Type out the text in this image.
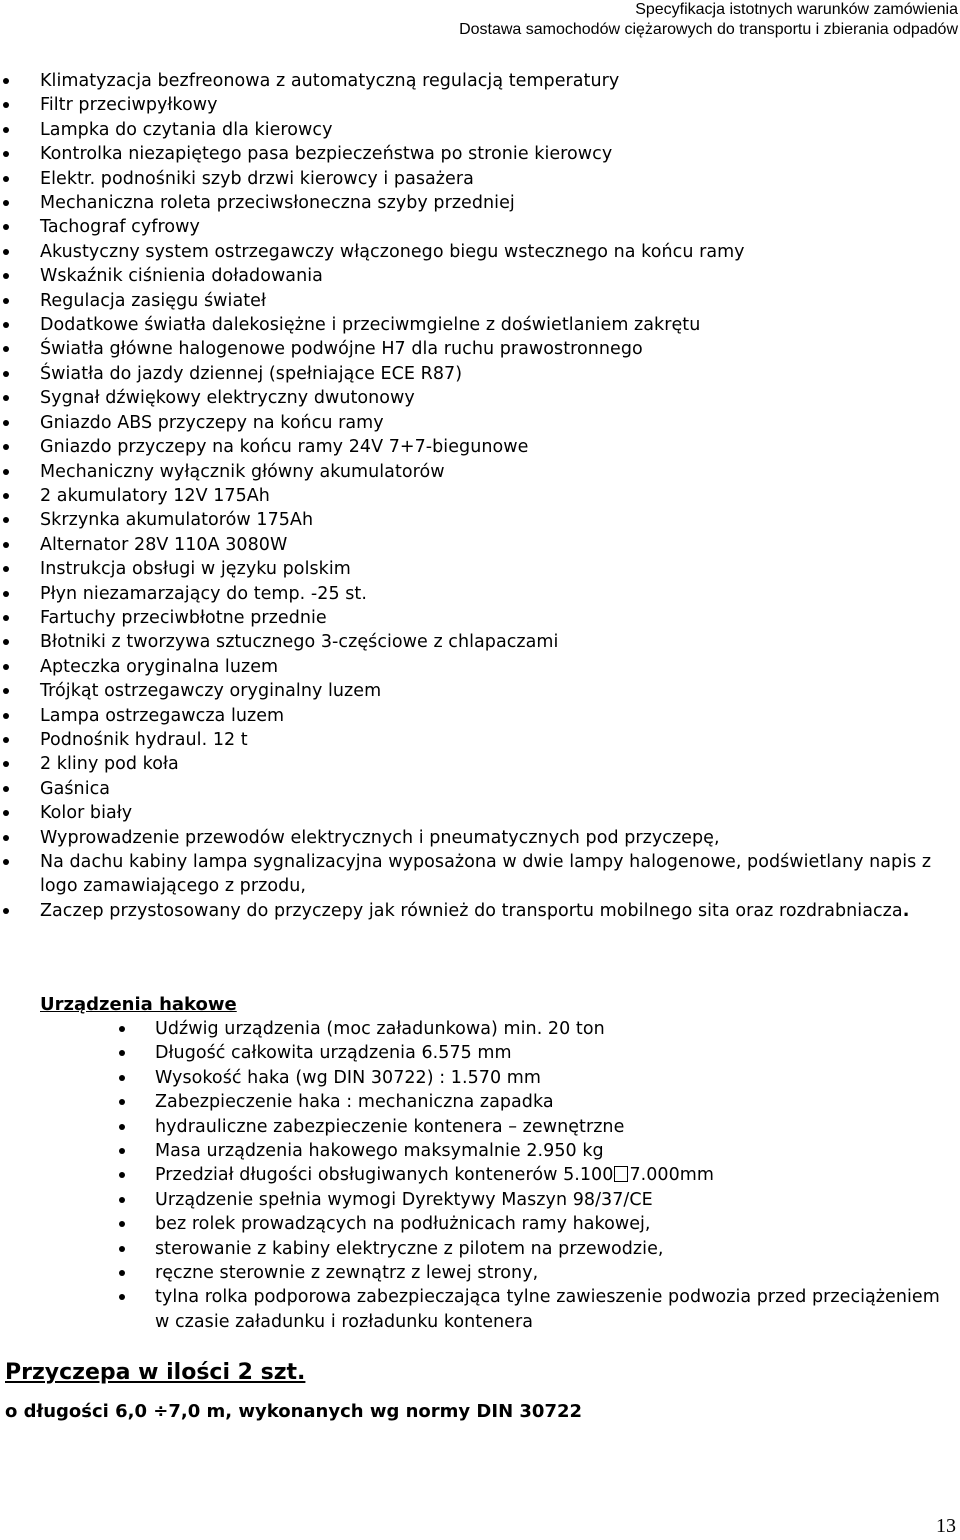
Specyfikacja istotnych warunków zamówienia
Dostawa samochodów ciężarowych do transportu i zbierania odpadów
Klimatyzacja bezfreonowa z automatyczną regulacją temperatury
Filtr przeciwpyłkowy
Lampka do czytania dla kierowcy
Kontrolka niezapiętego pasa bezpieczeństwa po stronie kierowcy
Elektr. podnośniki szyb drzwi kierowcy i pasażera
Mechaniczna roleta przeciwsłoneczna szyby przedniej
Tachograf cyfrowy
Akustyczny system ostrzegawczy włączonego biegu wstecznego na końcu ramy
Wskaźnik ciśnienia doładowania
Regulacja zasięgu świateł
Dodatkowe światła dalekosiężne i przeciwmgielne z doświetlaniem zakrętu
Światła główne halogenowe podwójne H7 dla ruchu prawostronnego
Światła do jazdy dziennej (spełniające ECE R87)
Sygnał dźwiękowy elektryczny dwutonowy
Gniazdo ABS przyczepy na końcu ramy
Gniazdo przyczepy na końcu ramy 24V 7+7-biegunowe
Mechaniczny wyłącznik główny akumulatorów
2 akumulatory 12V 175Ah
Skrzynka akumulatorów 175Ah
Alternator 28V 110A 3080W
Instrukcja obsługi w języku polskim
Płyn niezamarzający do temp. -25 st.
Fartuchy przeciwbłotne przednie
Błotniki z tworzywa sztucznego 3-częściowe z chlapaczami
Apteczka oryginalna luzem
Trójkąt ostrzegawczy oryginalny luzem
Lampa ostrzegawcza luzem
Podnośnik hydraul. 12 t
2 kliny pod koła
Gaśnica
Kolor biały
Wyprowadzenie przewodów elektrycznych i pneumatycznych pod przyczepę,
Na dachu kabiny lampa sygnalizacyjna wyposażona w dwie lampy halogenowe, podświetlany napis z logo zamawiającego z przodu,
Zaczep przystosowany do przyczepy jak również do transportu mobilnego sita oraz rozdrabniacza.
Urządzenia hakowe
Udźwig urządzenia (moc załadunkowa) min. 20 ton
Długość całkowita urządzenia 6.575 mm
Wysokość haka (wg DIN 30722) : 1.570 mm
Zabezpieczenie haka : mechaniczna zapadka
hydrauliczne zabezpieczenie kontenera – zewnętrzne
Masa urządzenia hakowego maksymalnie 2.950 kg
Przedział długości obsługiwanych kontenerów 5.100 7.000mm
Urządzenie spełnia wymogi Dyrektywy Maszyn 98/37/CE
bez rolek prowadzących na podłużnicach ramy hakowej,
sterowanie z kabiny elektryczne z pilotem na przewodzie,
ręczne sterownie z zewnątrz z lewej strony,
tylna rolka podporowa zabezpieczająca tylne zawieszenie podwozia przed przeciążeniem w czasie załadunku i rozładunku kontenera
Przyczepa w ilości 2 szt.
o długości 6,0 ÷7,0 m, wykonanych wg normy DIN 30722
13
